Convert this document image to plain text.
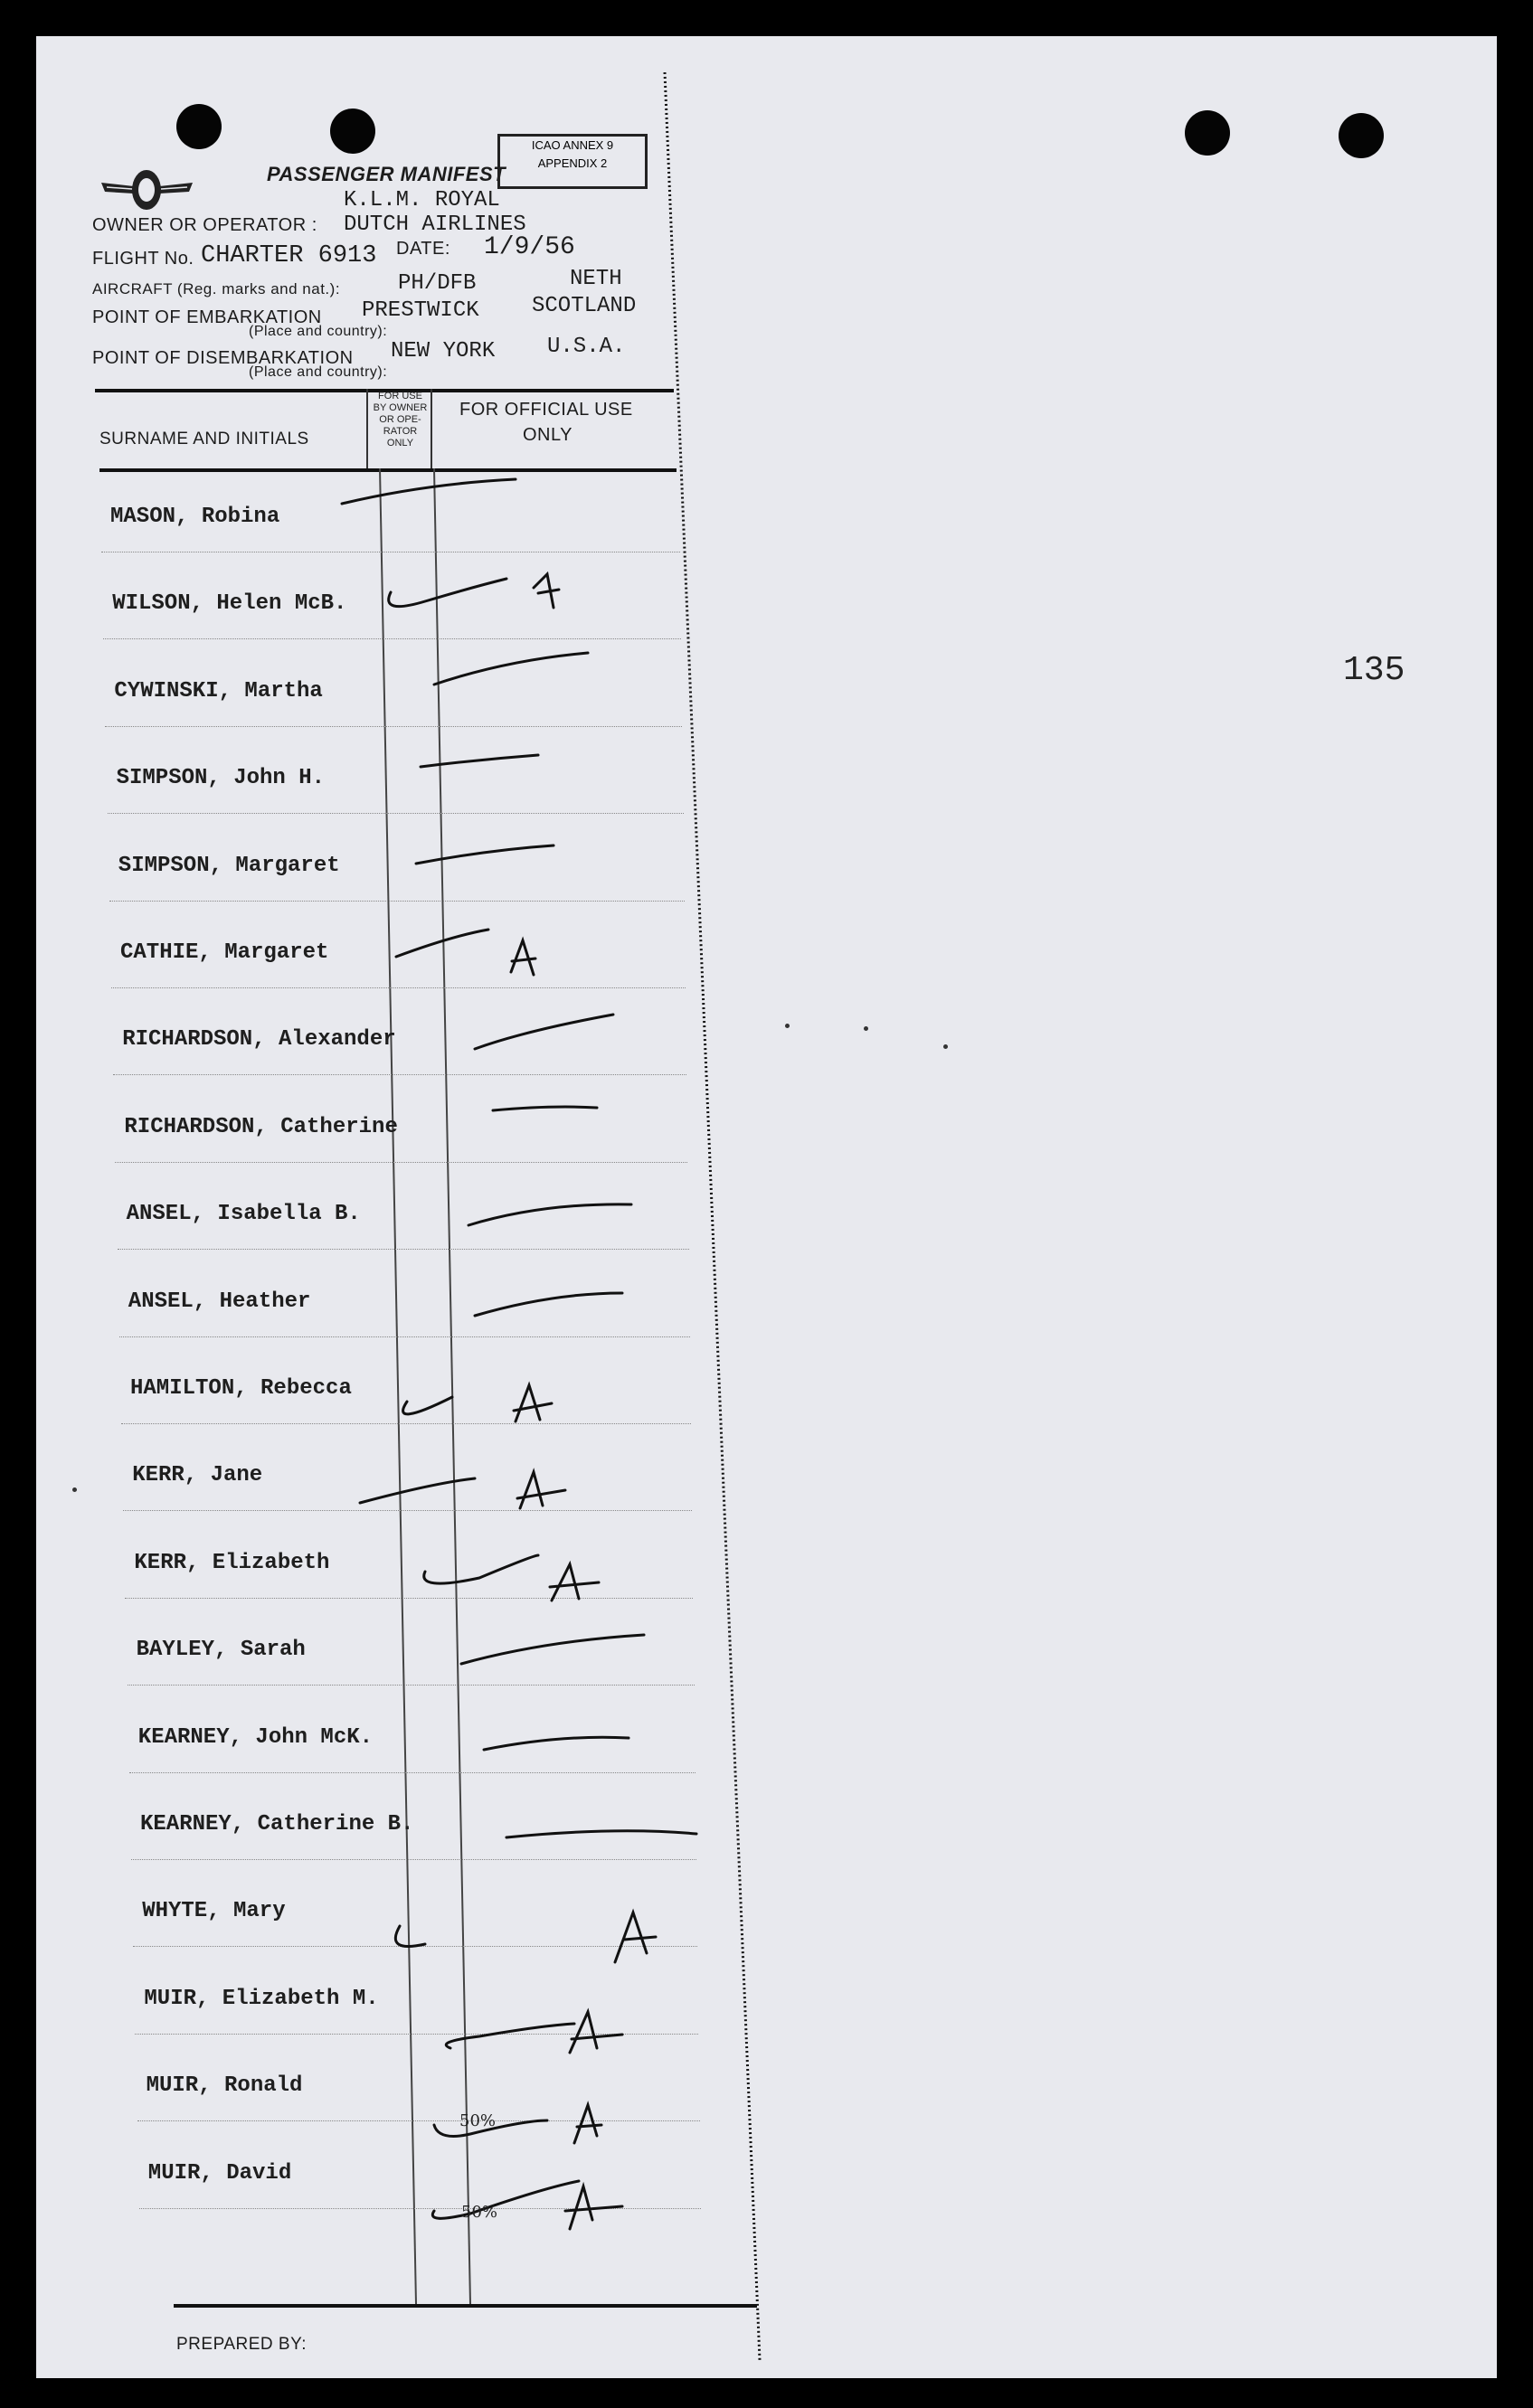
PASSENGER MANIFEST
ICAO ANNEX 9
APPENDIX 2
K.L.M. ROYAL
OWNER OR OPERATOR : DUTCH AIRLINES
FLIGHT No. CHARTER 6913 DATE: 1/9/56
AIRCRAFT (Reg. marks and nat.):	PH/DFB	NETH
POINT OF EMBARKATION PRESTWICK SCOTLAND
(Place and country):
POINT OF DISEMBARKATION NEW YORK U.S.A.
(Place and country):
SURNAME AND INITIALS
FOR USE BY OWNER OR OPE-RATOR ONLY
FOR OFFICIAL USE
ONLY
MASON, Robina
WILSON, Helen McB.
CYWINSKI, Martha
SIMPSON, John H.
SIMPSON, Margaret
CATHIE, Margaret
RICHARDSON, Alexander
RICHARDSON, Catherine
ANSEL, Isabella B.
ANSEL, Heather
HAMILTON, Rebecca
KERR, Jane
KERR, Elizabeth
BAYLEY, Sarah
KEARNEY, John McK.
KEARNEY, Catherine B.
WHYTE, Mary
MUIR, Elizabeth M.
MUIR, Ronald
MUIR, David
50%
50%
135
PREPARED BY:
